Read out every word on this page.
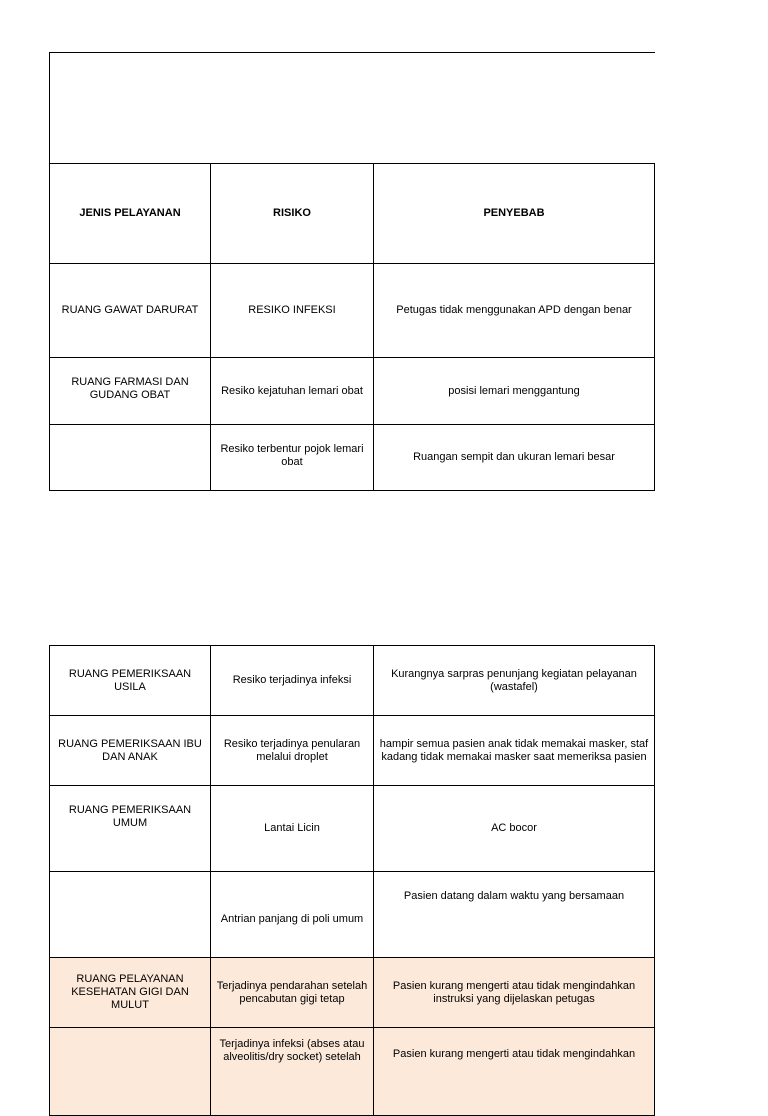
JENIS PELAYANAN	RISIKO	PENYEBAB
RUANG GAWAT DARURAT	RESIKO INFEKSI	Petugas tidak menggunakan APD dengan benar
RUANG FARMASI DAN GUDANG OBAT	Resiko kejatuhan lemari obat	posisi lemari menggantung
	Resiko terbentur pojok lemari obat	Ruangan sempit dan ukuran lemari besar
RUANG PEMERIKSAAN USILA	Resiko terjadinya infeksi	Kurangnya sarpras penunjang kegiatan pelayanan (wastafel)
RUANG PEMERIKSAAN IBU DAN ANAK	Resiko terjadinya penularan melalui droplet	hampir semua pasien anak tidak memakai masker, staf kadang tidak memakai masker saat memeriksa pasien
RUANG PEMERIKSAAN UMUM	Lantai Licin	AC bocor
	Antrian panjang di poli umum	Pasien datang dalam waktu yang bersamaan
RUANG PELAYANAN KESEHATAN GIGI DAN MULUT	Terjadinya pendarahan setelah pencabutan gigi tetap	Pasien kurang mengerti atau tidak mengindahkan instruksi yang dijelaskan petugas
	Terjadinya infeksi (abses atau alveolitis/dry socket) setelah	Pasien kurang mengerti atau tidak mengindahkan
